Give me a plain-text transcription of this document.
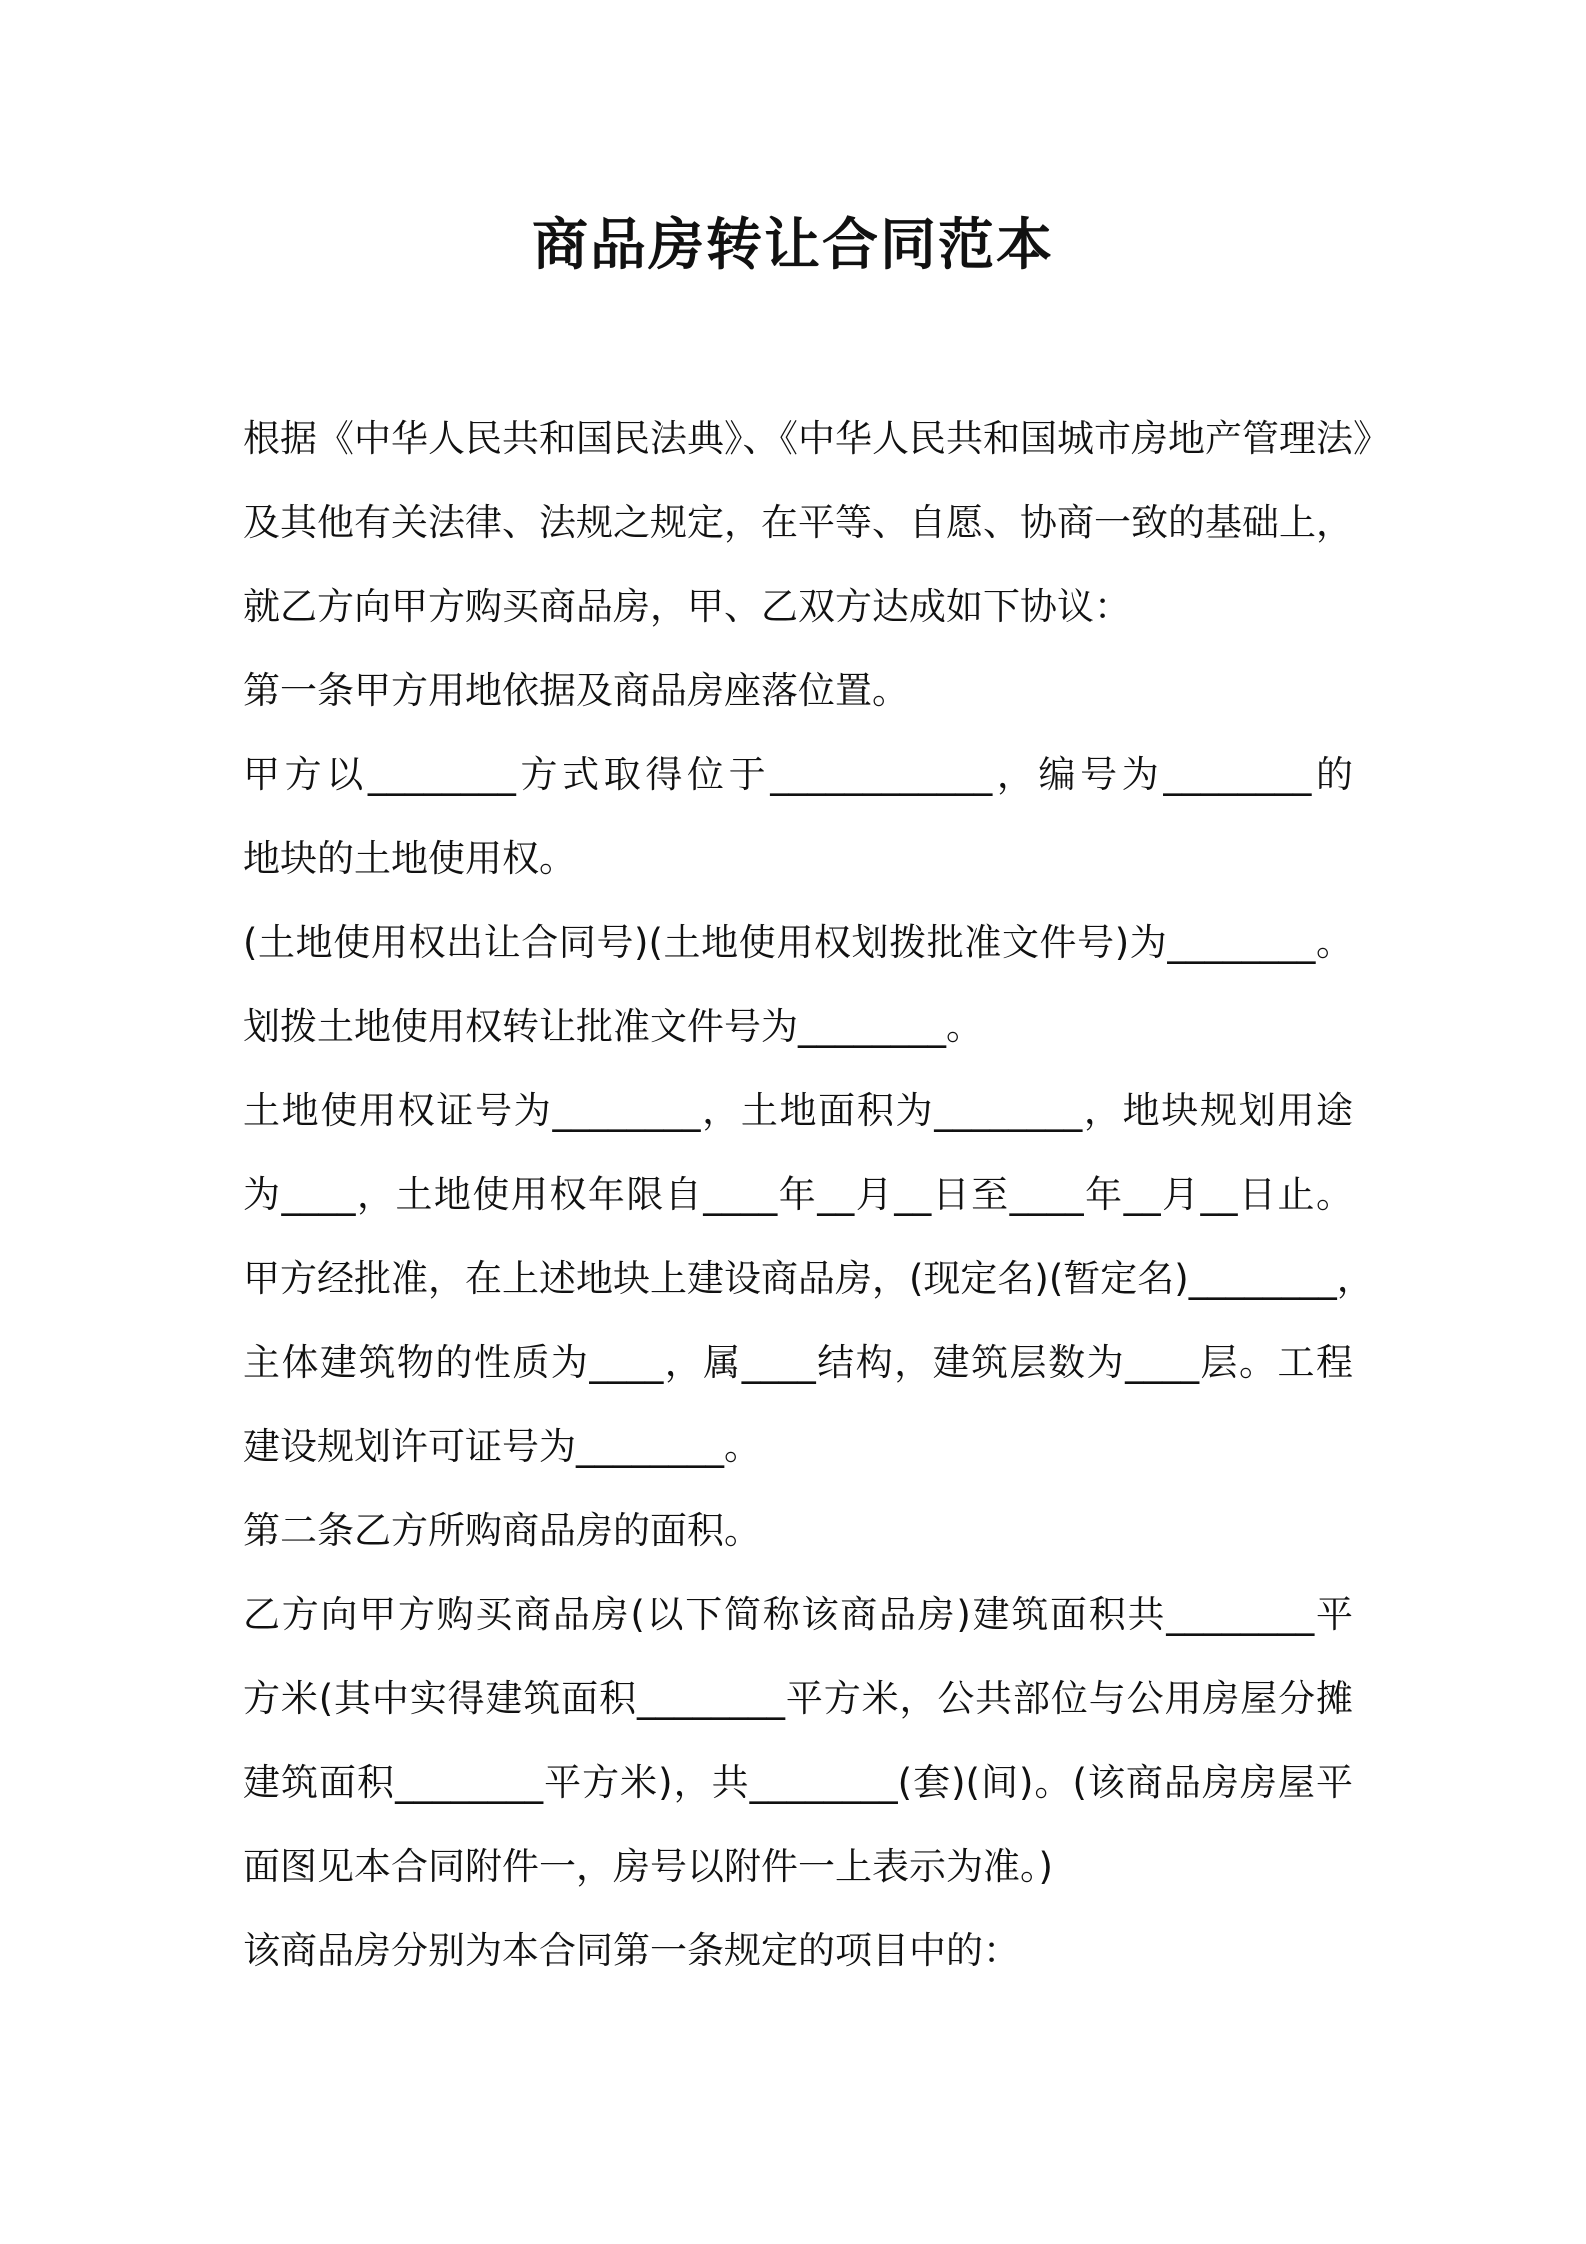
商品房转让合同范本
根据《中华人民共和国民法典》、《中华人民共和国城市房地产管理法》
及其他有关法律、法规之规定，在平等、自愿、协商一致的基础上，
就乙方向甲方购买商品房，甲、乙双方达成如下协议：
第一条甲方用地依据及商品房座落位置。
甲方以________方式取得位于____________，编号为________的
地块的土地使用权。
(土地使用权出让合同号)(土地使用权划拨批准文件号)为________。
划拨土地使用权转让批准文件号为________。
土地使用权证号为________，土地面积为________，地块规划用途
为____，土地使用权年限自____年__月__日至____年__月__日止。
甲方经批准，在上述地块上建设商品房，(现定名)(暂定名)________，
主体建筑物的性质为____，属____结构，建筑层数为____层。工程
建设规划许可证号为________。
第二条乙方所购商品房的面积。
乙方向甲方购买商品房(以下简称该商品房)建筑面积共________平
方米(其中实得建筑面积________平方米，公共部位与公用房屋分摊
建筑面积________平方米)，共________(套)(间)。(该商品房房屋平
面图见本合同附件一，房号以附件一上表示为准。)
该商品房分别为本合同第一条规定的项目中的：
